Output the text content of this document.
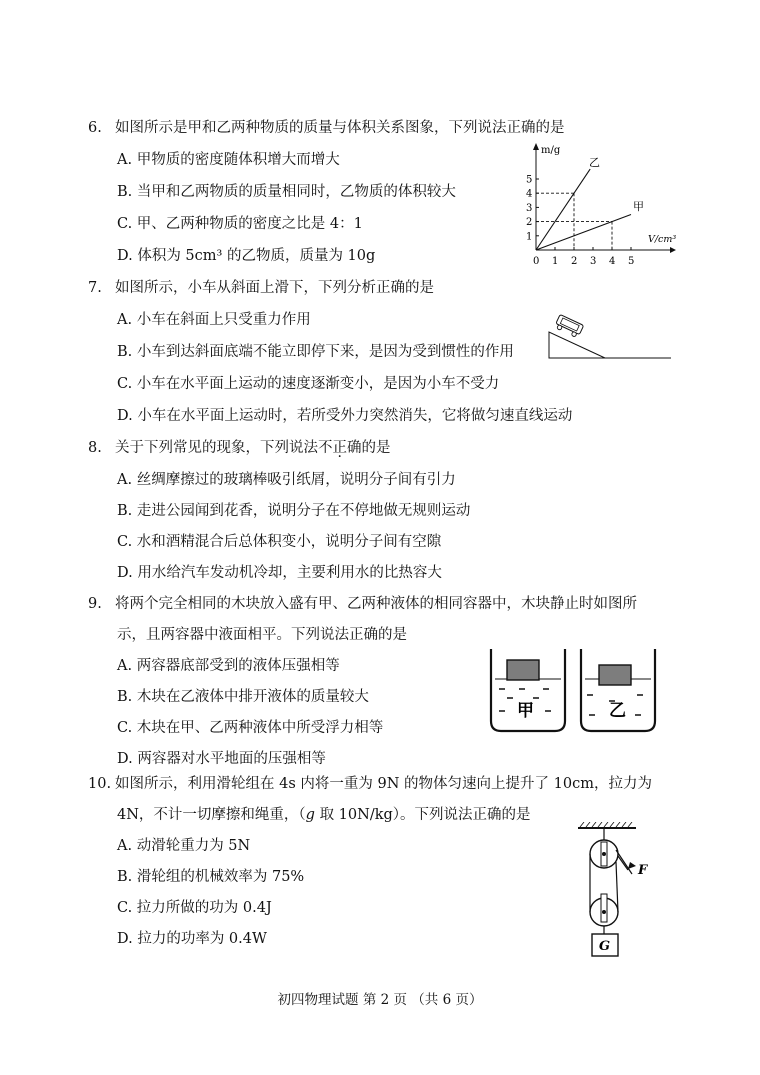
6. 如图所示是甲和乙两种物质的质量与体积关系图象，下列说法正确的是
A. 甲物质的密度随体积增大而增大
B. 当甲和乙两物质的质量相同时，乙物质的体积较大
C. 甲、乙两种物质的密度之比是 4：1
D. 体积为 5cm³ 的乙物质，质量为 10g
m/g
V/cm³
1
2
3
4
5
0 1 2 3 4 5
乙
甲
7. 如图所示，小车从斜面上滑下，下列分析正确的是
A. 小车在斜面上只受重力作用
B. 小车到达斜面底端不能立即停下来，是因为受到惯性的作用
C. 小车在水平面上运动的速度逐渐变小，是因为小车不受力
D. 小车在水平面上运动时，若所受外力突然消失，它将做匀速直线运动
8. 关于下列常见的现象，下列说法不正确的是
A. 丝绸摩擦过的玻璃棒吸引纸屑，说明分子间有引力
B. 走进公园闻到花香，说明分子在不停地做无规则运动
C. 水和酒精混合后总体积变小，说明分子间有空隙
D. 用水给汽车发动机冷却，主要利用水的比热容大
9. 将两个完全相同的木块放入盛有甲、乙两种液体的相同容器中，木块静止时如图所
示，且两容器中液面相平。下列说法正确的是
A. 两容器底部受到的液体压强相等
B. 木块在乙液体中排开液体的质量较大
C. 木块在甲、乙两种液体中所受浮力相等
D. 两容器对水平地面的压强相等
甲	乙
10. 如图所示，利用滑轮组在 4s 内将一重为 9N 的物体匀速向上提升了 10cm，拉力为
4N，不计一切摩擦和绳重，（g 取 10N/kg）。下列说法正确的是
A. 动滑轮重力为 5N
B. 滑轮组的机械效率为 75%
C. 拉力所做的功为 0.4J
D. 拉力的功率为 0.4W	G
F
初四物理试题 第 2 页 （共 6 页）
